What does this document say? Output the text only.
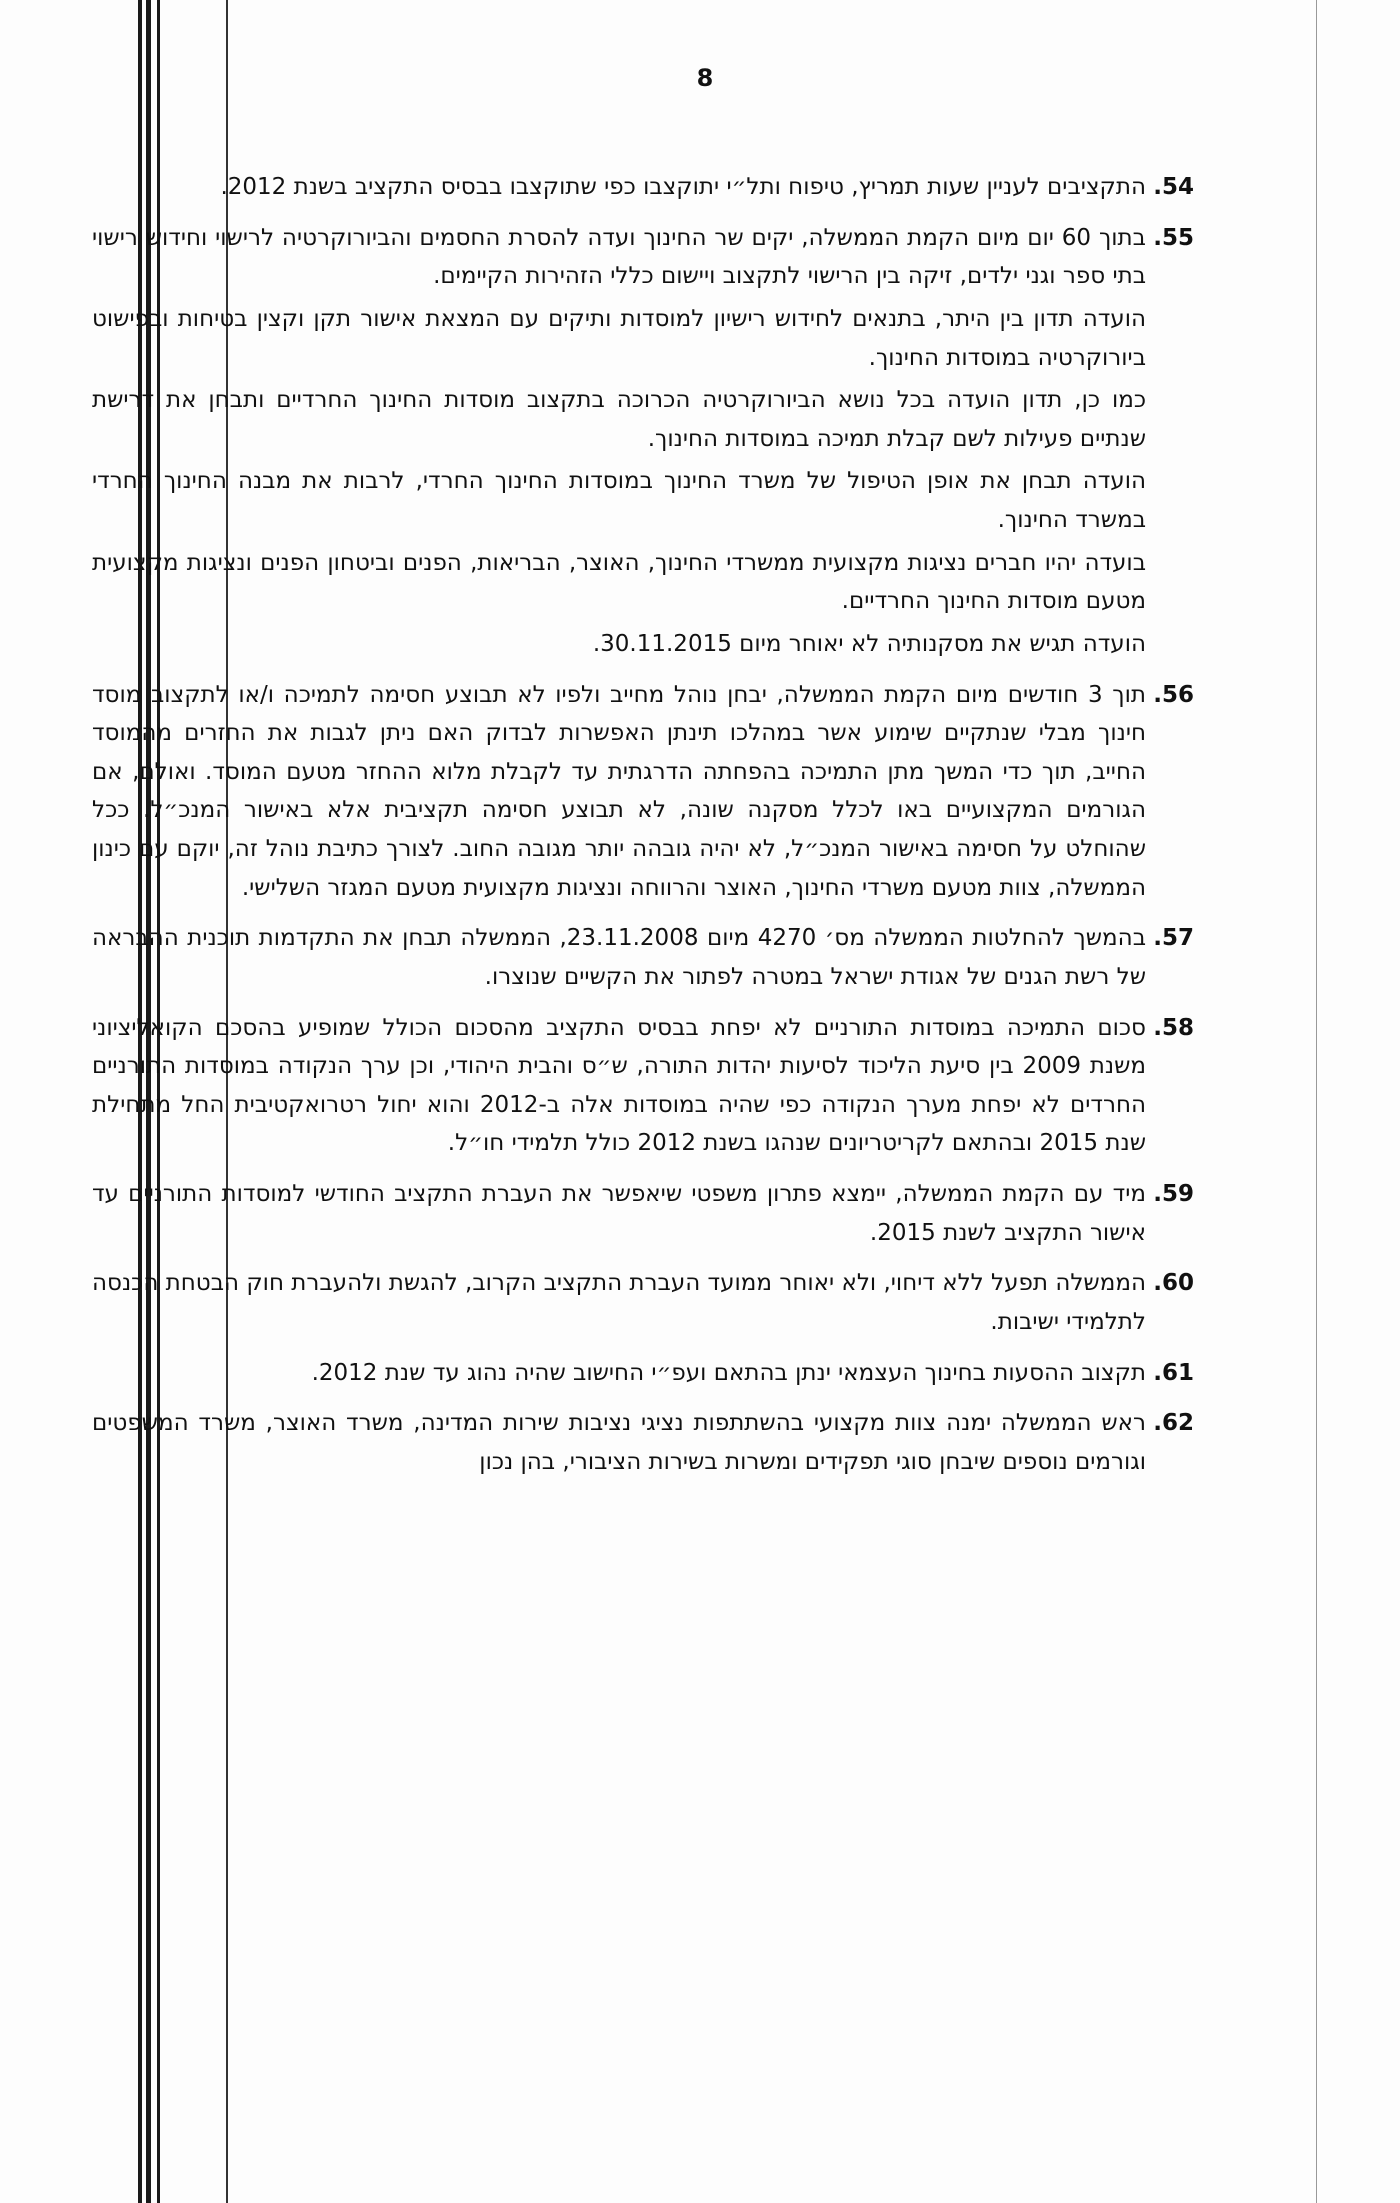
8
.54

התקציבים לעניין שעות תמריץ, טיפוח ותל״י יתוקצבו כפי שתוקצבו בבסיס התקציב בשנת 2012.

.55

בתוך 60 יום מיום הקמת הממשלה, יקים שר החינוך ועדה להסרת החסמים והביורוקרטיה לרישוי וחידוש רישוי בתי ספר וגני ילדים, זיקה בין הרישוי לתקצוב ויישום כללי הזהירות הקיימים.

הועדה תדון בין היתר, בתנאים לחידוש רישיון למוסדות ותיקים עם המצאת אישור תקן וקצין בטיחות ובפישוט ביורוקרטיה במוסדות החינוך.

כמו כן, תדון הועדה בכל נושא הביורוקרטיה הכרוכה בתקצוב מוסדות החינוך החרדיים ותבחן את דרישת שנתיים פעילות לשם קבלת תמיכה במוסדות החינוך.

הועדה תבחן את אופן הטיפול של משרד החינוך במוסדות החינוך החרדי, לרבות את מבנה החינוך החרדי במשרד החינוך.

בועדה יהיו חברים נציגות מקצועית ממשרדי החינוך, האוצר, הבריאות, הפנים וביטחון הפנים ונציגות מקצועית מטעם מוסדות החינוך החרדיים.

הועדה תגיש את מסקנותיה לא יאוחר מיום 30.11.2015.

.56

תוך 3 חודשים מיום הקמת הממשלה, יבחן נוהל מחייב ולפיו לא תבוצע חסימה לתמיכה ו/או לתקצוב מוסד חינוך מבלי שנתקיים שימוע אשר במהלכו תינתן האפשרות לבדוק האם ניתן לגבות את החזרים מהמוסד החייב, תוך כדי המשך מתן התמיכה בהפחתה הדרגתית עד לקבלת מלוא ההחזר מטעם המוסד. ואולם, אם הגורמים המקצועיים באו לכלל מסקנה שונה, לא תבוצע חסימה תקציבית אלא באישור המנכ״ל. ככל שהוחלט על חסימה באישור המנכ״ל, לא יהיה גובהה יותר מגובה החוב. לצורך כתיבת נוהל זה, יוקם עם כינון הממשלה, צוות מטעם משרדי החינוך, האוצר והרווחה ונציגות מקצועית מטעם המגזר השלישי.

.57

בהמשך להחלטות הממשלה מס׳ 4270 מיום 23.11.2008, הממשלה תבחן את התקדמות תוכנית ההבראה של רשת הגנים של אגודת ישראל במטרה לפתור את הקשיים שנוצרו.

.58

סכום התמיכה במוסדות התורניים לא יפחת בבסיס התקציב מהסכום הכולל שמופיע בהסכם הקואליציוני משנת 2009 בין סיעת הליכוד לסיעות יהדות התורה, ש״ס והבית היהודי, וכן ערך הנקודה במוסדות התורניים החרדים לא יפחת מערך הנקודה כפי שהיה במוסדות אלה ב-2012 והוא יחול רטרואקטיבית החל מתחילת שנת 2015 ובהתאם לקריטריונים שנהגו בשנת 2012 כולל תלמידי חו״ל.

.59

מיד עם הקמת הממשלה, יימצא פתרון משפטי שיאפשר את העברת התקציב החודשי למוסדות התורניים עד אישור התקציב לשנת 2015.

.60

הממשלה תפעל ללא דיחוי, ולא יאוחר ממועד העברת התקציב הקרוב, להגשת ולהעברת חוק הבטחת הכנסה לתלמידי ישיבות.

.61

תקצוב ההסעות בחינוך העצמאי ינתן בהתאם ועפ״י החישוב שהיה נהוג עד שנת 2012.

.62

ראש הממשלה ימנה צוות מקצועי בהשתתפות נציגי נציבות שירות המדינה, משרד האוצר, משרד המשפטים וגורמים נוספים שיבחן סוגי תפקידים ומשרות בשירות הציבורי, בהן נכון
